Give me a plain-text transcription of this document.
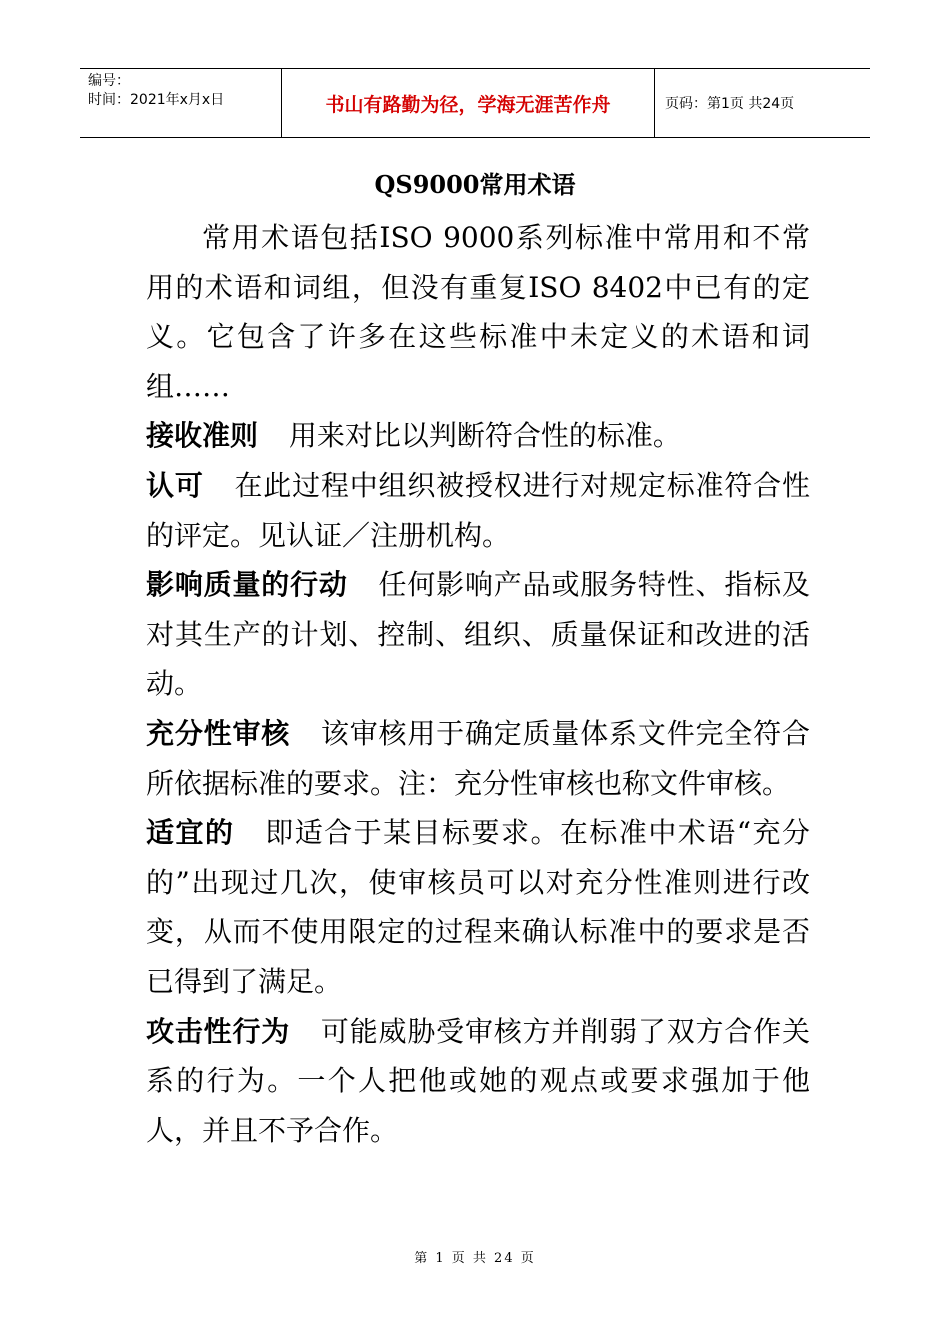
编号：
时间：2021年x月x日	书山有路勤为径，学海无涯苦作舟	页码：第1页 共24页
QS9000常用术语

常用术语包括ISO 9000系列标准中常用和不常用的术语和词组，但没有重复ISO 8402中已有的定义。它包含了许多在这些标准中未定义的术语和词组……

接收准则 用来对比以判断符合性的标准。

认可 在此过程中组织被授权进行对规定标准符合性的评定。见认证／注册机构。

影响质量的行动 任何影响产品或服务特性、指标及对其生产的计划、控制、组织、质量保证和改进的活动。

充分性审核 该审核用于确定质量体系文件完全符合所依据标准的要求。注：充分性审核也称文件审核。

适宜的 即适合于某目标要求。在标准中术语“充分的”出现过几次，使审核员可以对充分性准则进行改变，从而不使用限定的过程来确认标准中的要求是否已得到了满足。

攻击性行为 可能威胁受审核方并削弱了双方合作关系的行为。一个人把他或她的观点或要求强加于他人，并且不予合作。

第 1 页 共 24 页
